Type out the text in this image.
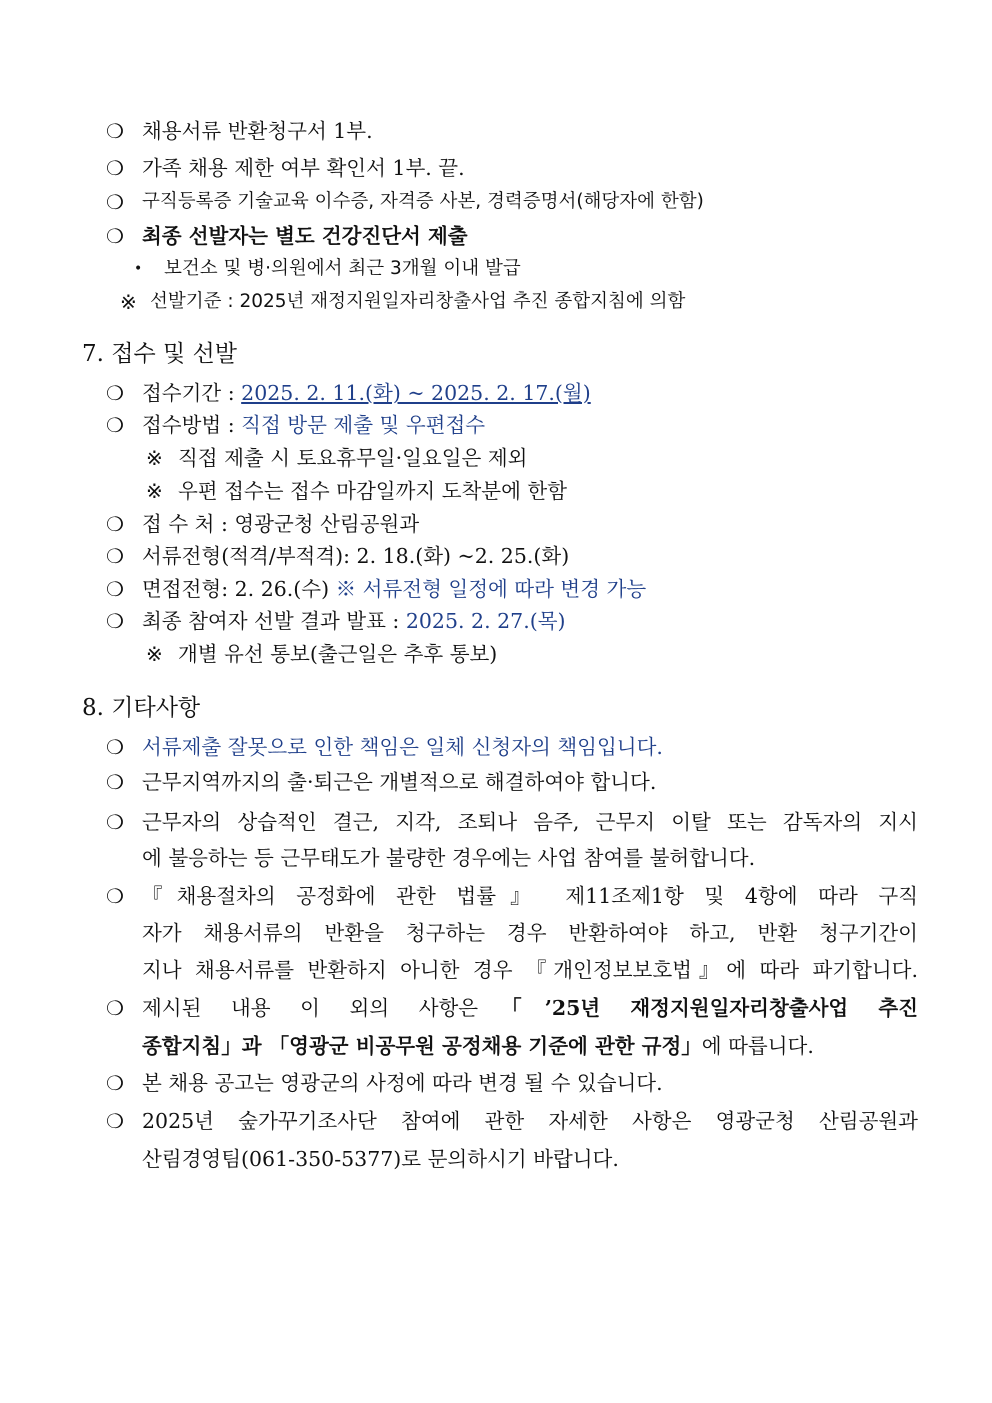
❍ 채용서류 반환청구서 1부.
❍ 가족 채용 제한 여부 확인서 1부. 끝.
❍ 구직등록증 기술교육 이수증, 자격증 사본, 경력증명서(해당자에 한함)
❍ 최종 선발자는 별도 건강진단서 제출
• 보건소 및 병·의원에서 최근 3개월 이내 발급
※ 선발기준 : 2025년 재정지원일자리창출사업 추진 종합지침에 의함
7. 접수 및 선발
❍ 접수기간 : 2025. 2. 11.(화) ~ 2025. 2. 17.(월)
❍ 접수방법 : 직접 방문 제출 및 우편접수
※ 직접 제출 시 토요휴무일·일요일은 제외
※ 우편 접수는 접수 마감일까지 도착분에 한함
❍ 접 수 처 : 영광군청 산림공원과
❍ 서류전형(적격/부적격): 2. 18.(화) ~2. 25.(화)
❍ 면접전형: 2. 26.(수) ※ 서류전형 일정에 따라 변경 가능
❍ 최종 참여자 선발 결과 발표 : 2025. 2. 27.(목)
※ 개별 유선 통보(출근일은 추후 통보)
8. 기타사항
❍ 서류제출 잘못으로 인한 책임은 일체 신청자의 책임입니다.
❍ 근무지역까지의 출·퇴근은 개별적으로 해결하여야 합니다.
❍ 근무자의 상습적인 결근, 지각, 조퇴나 음주, 근무지 이탈 또는 감독자의 지시
에 불응하는 등 근무태도가 불량한 경우에는 사업 참여를 불허합니다.
❍ 『채용절차의 공정화에 관한 법률』 제11조제1항 및 4항에 따라 구직
자가 채용서류의 반환을 청구하는 경우 반환하여야 하고, 반환 청구기간이
지나 채용서류를 반환하지 아니한 경우 『개인정보보호법』에 따라 파기합니다.
❍ 제시된 내용 이 외의 사항은「’25년 재정지원일자리창출사업 추진
종합지침」과 「영광군 비공무원 공정채용 기준에 관한 규정」에 따릅니다.
❍ 본 채용 공고는 영광군의 사정에 따라 변경 될 수 있습니다.
❍ 2025년 숲가꾸기조사단 참여에 관한 자세한 사항은 영광군청 산림공원과
산림경영팀(061-350-5377)로 문의하시기 바랍니다.
